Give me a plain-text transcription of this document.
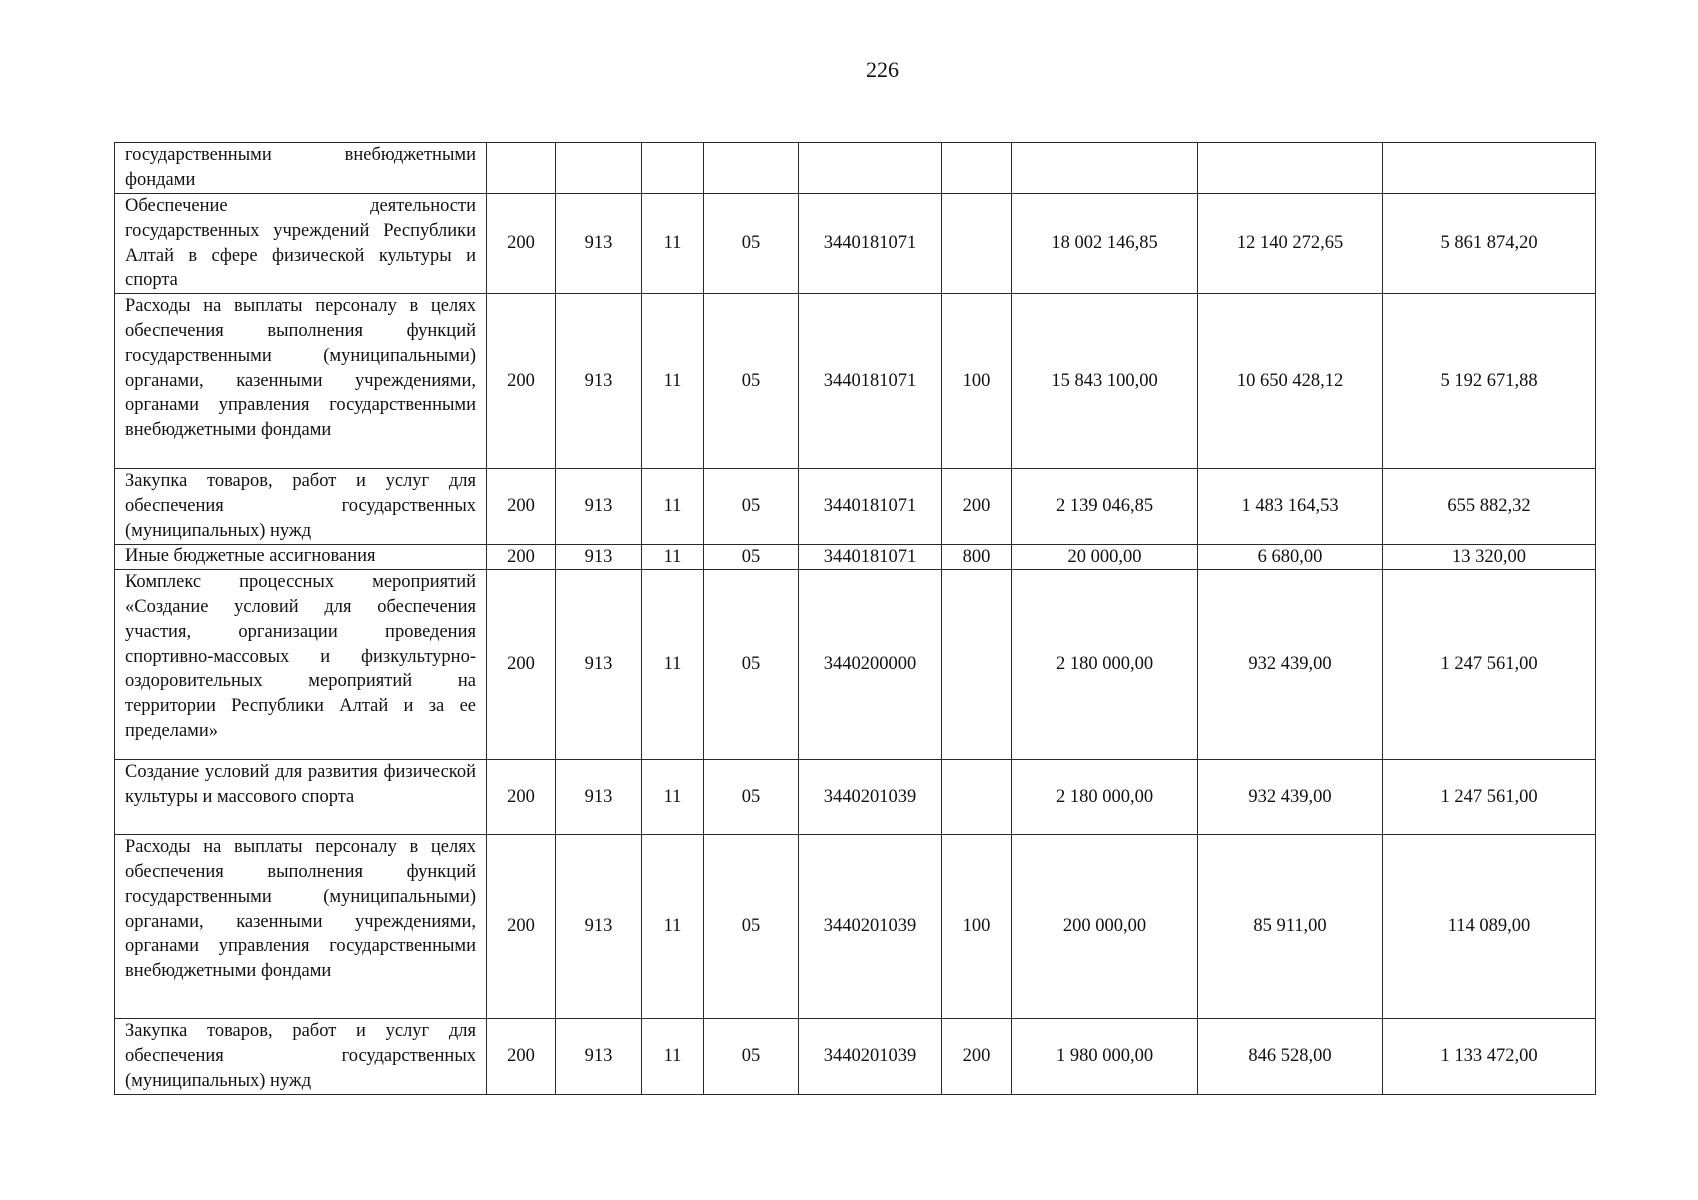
226
государственными внебюджетными фондами									
Обеспечение деятельности государственных учреждений Республики Алтай в сфере физической культуры и спорта	200	913	11	05	3440181071		18 002 146,85	12 140 272,65	5 861 874,20
Расходы на выплаты персоналу в целях обеспечения выполнения функций государственными (муниципальными) органами, казенными учреждениями, органами управления государственными внебюджетными фондами	200	913	11	05	3440181071	100	15 843 100,00	10 650 428,12	5 192 671,88
Закупка товаров, работ и услуг для обеспечения государственных (муниципальных) нужд	200	913	11	05	3440181071	200	2 139 046,85	1 483 164,53	655 882,32
Иные бюджетные ассигнования	200	913	11	05	3440181071	800	20 000,00	6 680,00	13 320,00
Комплекс процессных мероприятий «Создание условий для обеспечения участия, организации проведения спортивно-массовых и физкультурно-оздоровительных мероприятий на территории Республики Алтай и за ее пределами»	200	913	11	05	3440200000		2 180 000,00	932 439,00	1 247 561,00
Создание условий для развития физической культуры и массового спорта	200	913	11	05	3440201039		2 180 000,00	932 439,00	1 247 561,00
Расходы на выплаты персоналу в целях обеспечения выполнения функций государственными (муниципальными) органами, казенными учреждениями, органами управления государственными внебюджетными фондами	200	913	11	05	3440201039	100	200 000,00	85 911,00	114 089,00
Закупка товаров, работ и услуг для обеспечения государственных (муниципальных) нужд	200	913	11	05	3440201039	200	1 980 000,00	846 528,00	1 133 472,00
